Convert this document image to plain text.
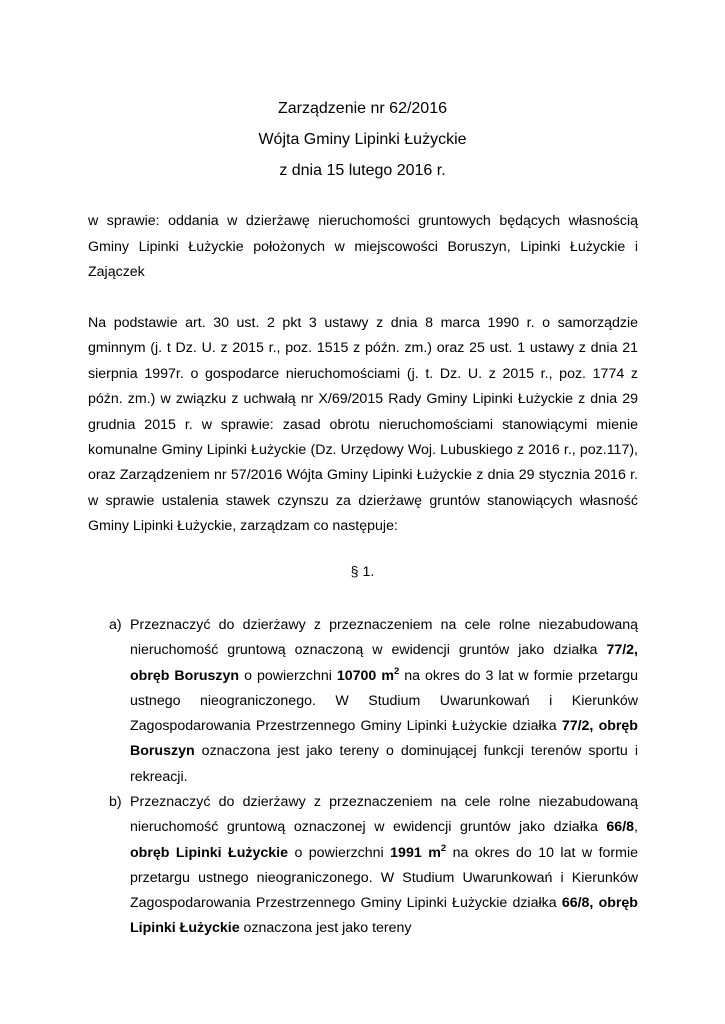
Zarządzenie nr 62/2016
Wójta Gminy Lipinki Łużyckie
z dnia 15 lutego 2016 r.

w sprawie: oddania w dzierżawę nieruchomości gruntowych będących własnością Gminy Lipinki Łużyckie położonych w miejscowości Boruszyn, Lipinki Łużyckie i Zajączek

Na podstawie art. 30 ust. 2 pkt 3 ustawy z dnia 8 marca 1990 r. o samorządzie gminnym (j. t Dz. U. z 2015 r., poz. 1515 z późn. zm.) oraz 25 ust. 1 ustawy z dnia 21 sierpnia 1997r. o gospodarce nieruchomościami (j. t. Dz. U. z 2015 r., poz. 1774 z późn. zm.) w związku z uchwałą nr X/69/2015 Rady Gminy Lipinki Łużyckie z dnia 29 grudnia 2015 r. w sprawie: zasad obrotu nieruchomościami stanowiącymi mienie komunalne Gminy Lipinki Łużyckie (Dz. Urzędowy Woj. Lubuskiego z 2016 r., poz.117), oraz Zarządzeniem nr 57/2016 Wójta Gminy Lipinki Łużyckie z dnia 29 stycznia 2016 r. w sprawie ustalenia stawek czynszu za dzierżawę gruntów stanowiących własność Gminy Lipinki Łużyckie, zarządzam co następuje:

§ 1.
a) Przeznaczyć do dzierżawy z przeznaczeniem na cele rolne niezabudowaną nieruchomość gruntową oznaczoną w ewidencji gruntów jako działka 77/2, obręb Boruszyn o powierzchni 10700 $m^2$ na okres do 3 lat w formie przetargu ustnego nieograniczonego. W Studium Uwarunkowań i Kierunków Zagospodarowania Przestrzennego Gminy Lipinki Łużyckie działka 77/2, obręb Boruszyn oznaczona jest jako tereny o dominującej funkcji terenów sportu i rekreacji.
b) Przeznaczyć do dzierżawy z przeznaczeniem na cele rolne niezabudowaną nieruchomość gruntową oznaczonej w ewidencji gruntów jako działka 66/8, obręb Lipinki Łużyckie o powierzchni 1991 $m^2$ na okres do 10 lat w formie przetargu ustnego nieograniczonego. W Studium Uwarunkowań i Kierunków Zagospodarowania Przestrzennego Gminy Lipinki Łużyckie działka 66/8, obręb Lipinki Łużyckie oznaczona jest jako tereny
